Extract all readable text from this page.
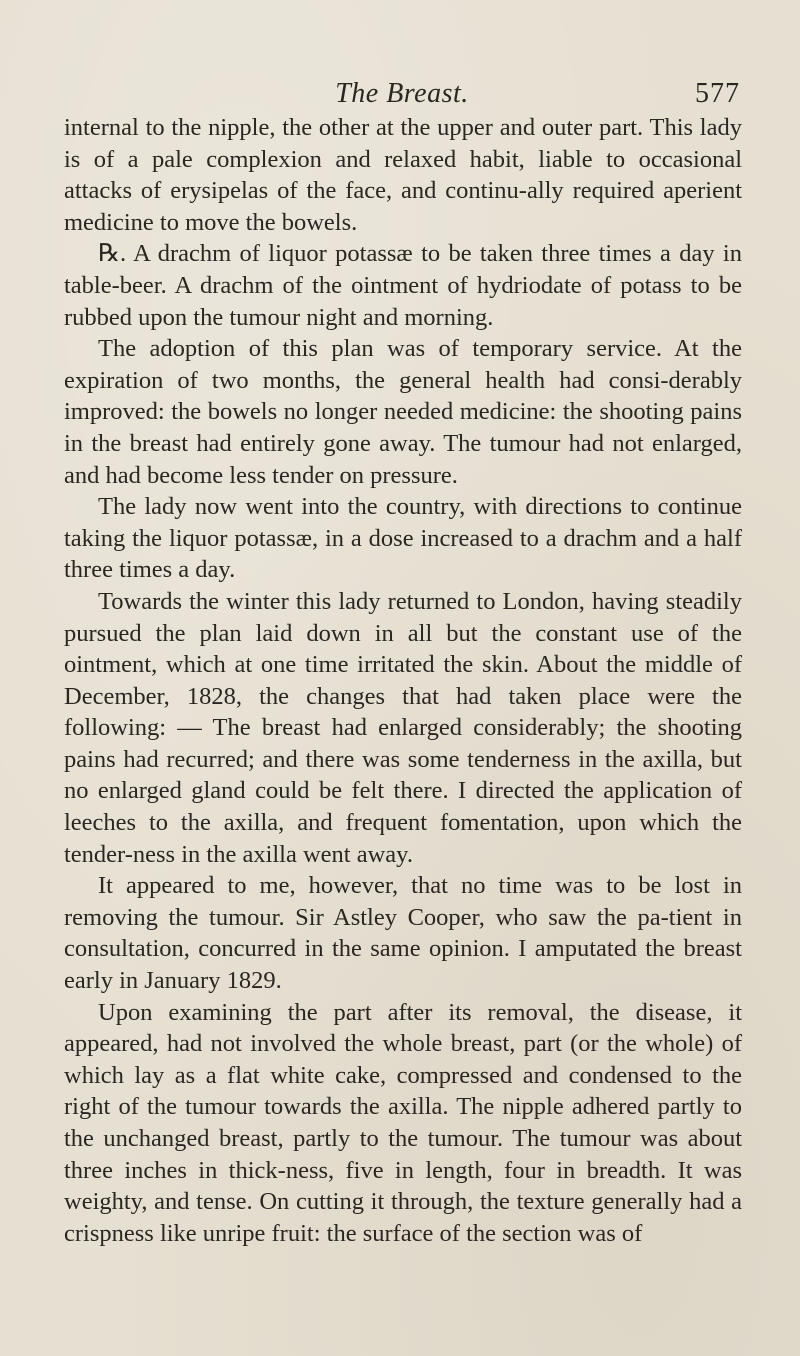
The Breast.	577

internal to the nipple, the other at the upper and outer part. This lady is of a pale complexion and relaxed habit, liable to occasional attacks of erysipelas of the face, and continu-ally required aperient medicine to move the bowels.

℞. A drachm of liquor potassæ to be taken three times a day in table-beer. A drachm of the ointment of hydriodate of potass to be rubbed upon the tumour night and morning.

The adoption of this plan was of temporary service. At the expiration of two months, the general health had consi-derably improved: the bowels no longer needed medicine: the shooting pains in the breast had entirely gone away. The tumour had not enlarged, and had become less tender on pressure.

The lady now went into the country, with directions to continue taking the liquor potassæ, in a dose increased to a drachm and a half three times a day.

Towards the winter this lady returned to London, having steadily pursued the plan laid down in all but the constant use of the ointment, which at one time irritated the skin. About the middle of December, 1828, the changes that had taken place were the following: — The breast had enlarged considerably; the shooting pains had recurred; and there was some tenderness in the axilla, but no enlarged gland could be felt there. I directed the application of leeches to the axilla, and frequent fomentation, upon which the tender-ness in the axilla went away.

It appeared to me, however, that no time was to be lost in removing the tumour. Sir Astley Cooper, who saw the pa-tient in consultation, concurred in the same opinion. I amputated the breast early in January 1829.

Upon examining the part after its removal, the disease, it appeared, had not involved the whole breast, part (or the whole) of which lay as a flat white cake, compressed and condensed to the right of the tumour towards the axilla. The nipple adhered partly to the unchanged breast, partly to the tumour. The tumour was about three inches in thick-ness, five in length, four in breadth. It was weighty, and tense. On cutting it through, the texture generally had a crispness like unripe fruit: the surface of the section was of
